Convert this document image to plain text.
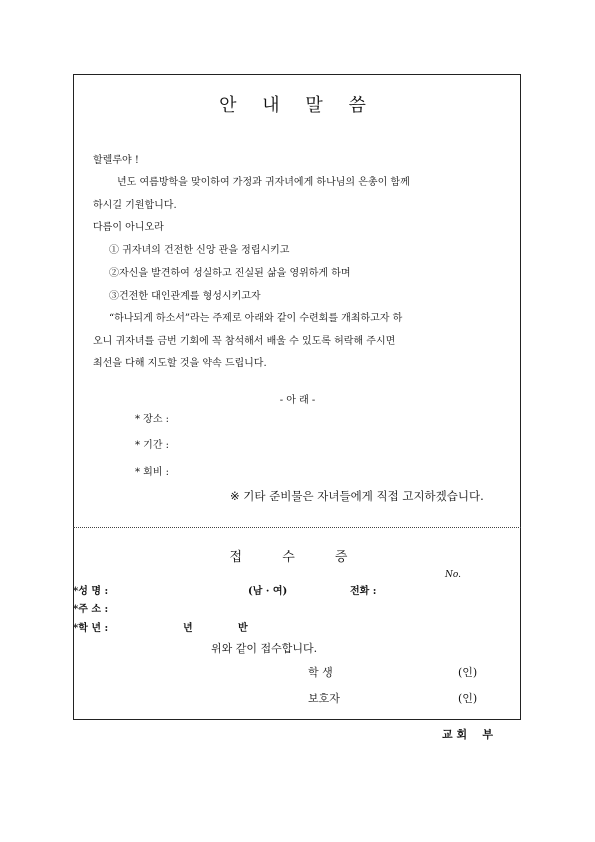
안 내 말 씀
할렐루야 !
년도 여름방학을 맞이하여 가정과 귀자녀에게 하나님의 은총이 함께
하시길 기원합니다.
다름이 아니오라
① 귀자녀의 건전한 신앙 관을 정립시키고
②자신을 발견하여 성실하고 진실된 삶을 영위하게 하며
③건전한 대인관계를 형성시키고자
“하나되게 하소서”라는 주제로 아래와 같이 수련회를 개최하고자 하
오니 귀자녀를 금번 기회에 꼭 참석해서 배울 수 있도록 허락해 주시면
최선을 다해 지도할 것을 약속 드립니다.
- 아 래 -
* 장소 :
* 기간 :
* 회비 :
※ 기타 준비물은 자녀들에게 직접 고지하겠습니다.
접 수 증
No.
*성 명 :	(남 · 여)	전화 :
*주 소 :
*학 년 :	년	반
위와 같이 접수합니다.
학 생	(인)
보호자	(인)
교 회    부
